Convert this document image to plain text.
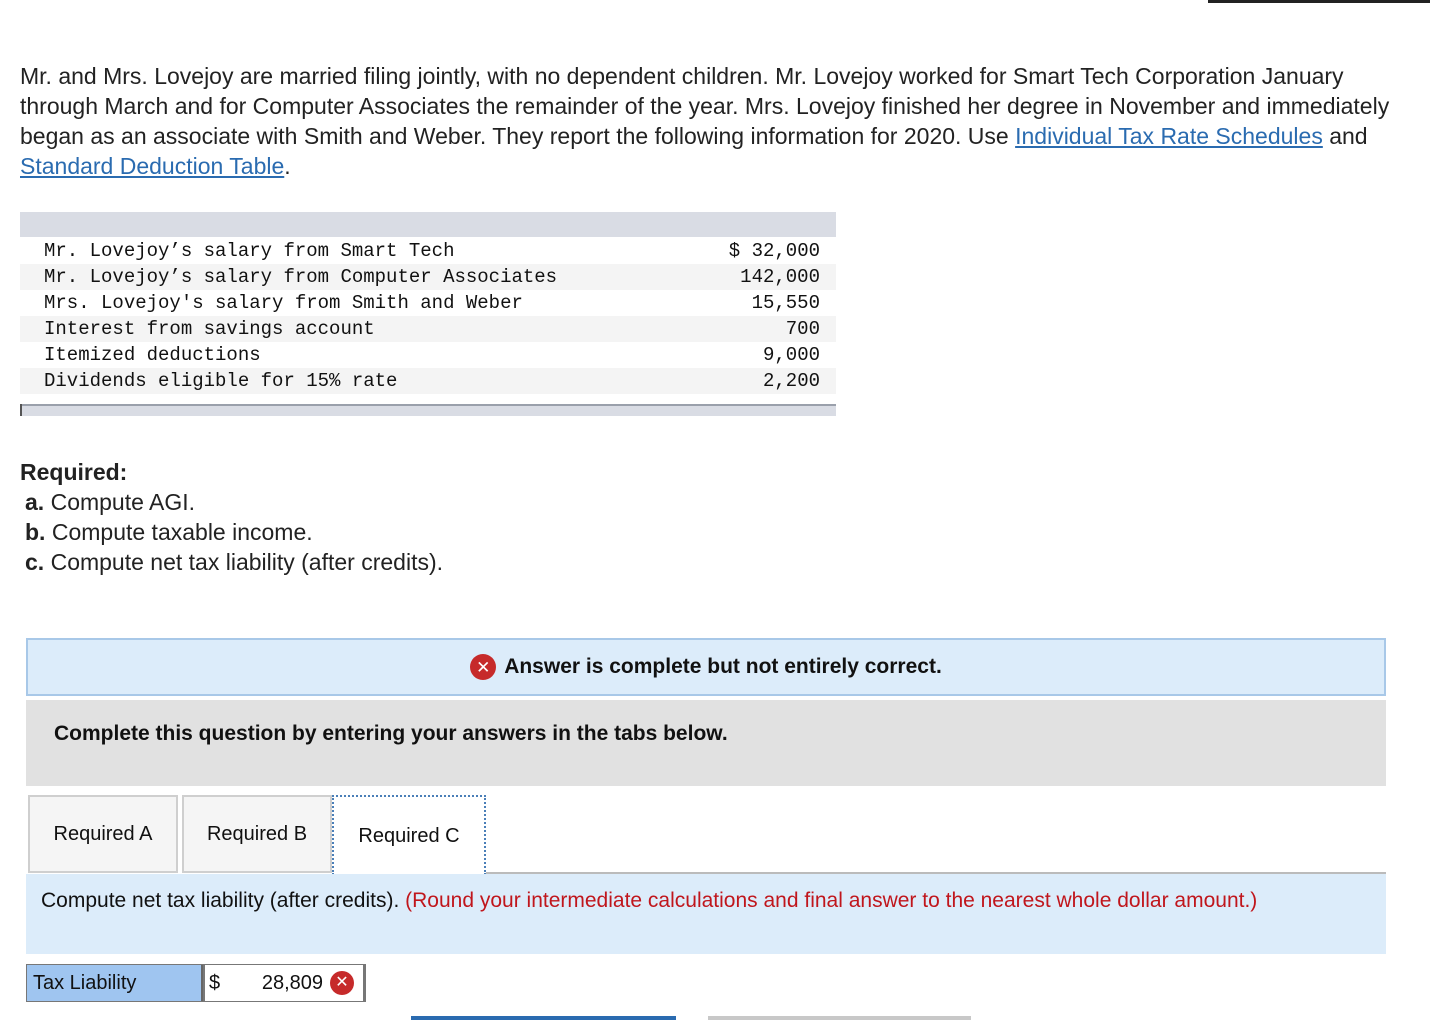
Mr. and Mrs. Lovejoy are married filing jointly, with no dependent children. Mr. Lovejoy worked for Smart Tech Corporation January through March and for Computer Associates the remainder of the year. Mrs. Lovejoy finished her degree in November and immediately began as an associate with Smith and Weber. They report the following information for 2020. Use Individual Tax Rate Schedules and Standard Deduction Table.
Mr. Lovejoy’s salary from Smart Tech	$ 32,000
Mr. Lovejoy’s salary from Computer Associates	142,000
Mrs. Lovejoy's salary from Smith and Weber	15,550
Interest from savings account	700
Itemized deductions	9,000
Dividends eligible for 15% rate	2,200
Required:
a. Compute AGI.
b. Compute taxable income.
c. Compute net tax liability (after credits).
✕ Answer is complete but not entirely correct.
Complete this question by entering your answers in the tabs below.
Required A	Required B	Required C
Compute net tax liability (after credits). (Round your intermediate calculations and final answer to the nearest whole dollar amount.)
Tax Liability	$ 28,809 ✕
